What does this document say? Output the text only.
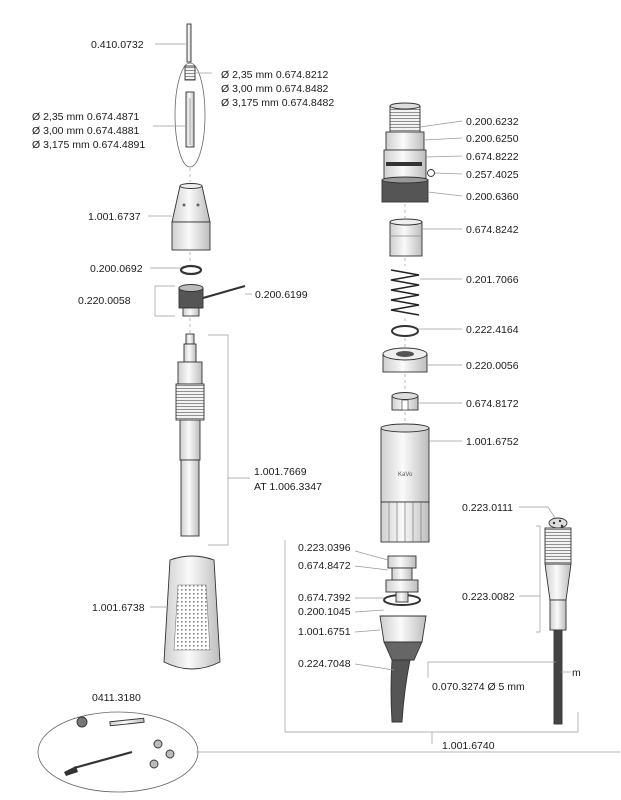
0.410.0732
Ø 2,35 mm 0.674.8212
Ø 3,00 mm 0.674.8482
Ø 3,175 mm 0.674.8482
Ø 2,35 mm 0.674.4871
Ø 3,00 mm 0.674.4881
Ø 3,175 mm 0.674.4891
1.001.6737
0.200.0692
0.220.0058	0.200.6199
1.001.7669
AT 1.006.3347
1.001.6738
0411.3180
0.200.6232
0.200.6250
0.674.8222
0.257.4025
0.200.6360
0.674.8242
0.201.7066
0.222.4164
0.220.0056
0.674.8172
KaVo
1.001.6752
0.223.0396
0.674.8472
0.674.7392
0.200.1045
1.001.6751
0.224.7048
0.223.0111
0.223.0082
m
0.070.3274 Ø 5 mm
1.001.6740
